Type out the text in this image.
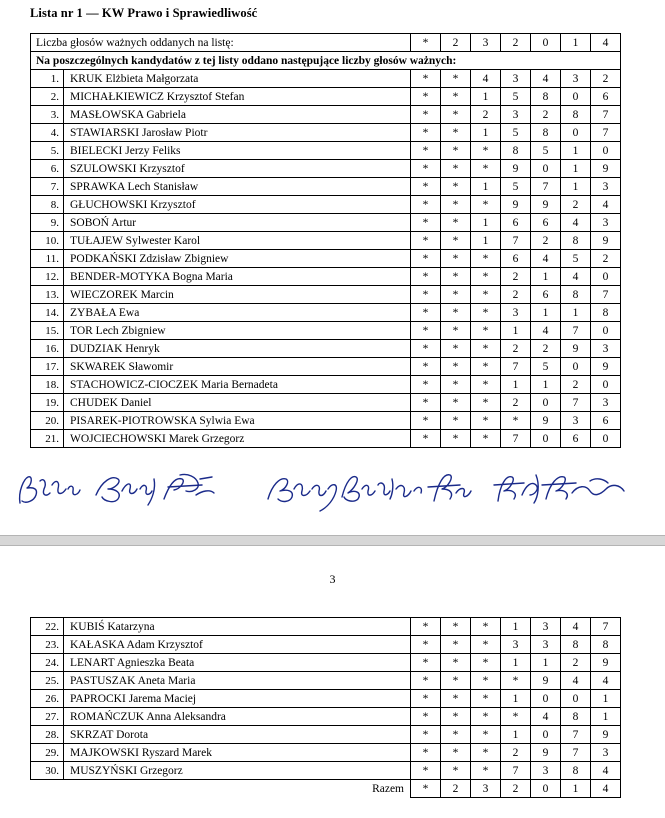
Lista nr 1 — KW Prawo i Sprawiedliwość
Liczba głosów ważnych oddanych na listę:		*	2	3	2	0	1	4
Na poszczególnych kandydatów z tej listy oddano następujące liczby głosów ważnych:								
1.	KRUK Elżbieta Małgorzata	*	*	4	3	4	3	2
2.	MICHAŁKIEWICZ Krzysztof Stefan	*	*	1	5	8	0	6
3.	MASŁOWSKA Gabriela	*	*	2	3	2	8	7
4.	STAWIARSKI Jarosław Piotr	*	*	1	5	8	0	7
5.	BIELECKI Jerzy Feliks	*	*	*	8	5	1	0
6.	SZULOWSKI Krzysztof	*	*	*	9	0	1	9
7.	SPRAWKA Lech Stanisław	*	*	1	5	7	1	3
8.	GŁUCHOWSKI Krzysztof	*	*	*	9	9	2	4
9.	SOBOŃ Artur	*	*	1	6	6	4	3
10.	TUŁAJEW Sylwester Karol	*	*	1	7	2	8	9
11.	PODKAŃSKI Zdzisław Zbigniew	*	*	*	6	4	5	2
12.	BENDER-MOTYKA Bogna Maria	*	*	*	2	1	4	0
13.	WIECZOREK Marcin	*	*	*	2	6	8	7
14.	ZYBAŁA Ewa	*	*	*	3	1	1	8
15.	TOR Lech Zbigniew	*	*	*	1	4	7	0
16.	DUDZIAK Henryk	*	*	*	2	2	9	3
17.	SKWAREK Sławomir	*	*	*	7	5	0	9
18.	STACHOWICZ-CIOCZEK Maria Bernadeta	*	*	*	1	1	2	0
19.	CHUDEK Daniel	*	*	*	2	0	7	3
20.	PISAREK-PIOTROWSKA Sylwia Ewa	*	*	*	*	9	3	6
21.	WOJCIECHOWSKI Marek Grzegorz	*	*	*	7	0	6	0
3
22.	KUBIŚ Katarzyna	*	*	*	1	3	4	7
23.	KAŁASKA Adam Krzysztof	*	*	*	3	3	8	8
24.	LENART Agnieszka Beata	*	*	*	1	1	2	9
25.	PASTUSZAK Aneta Maria	*	*	*	*	9	4	4
26.	PAPROCKI Jarema Maciej	*	*	*	1	0	0	1
27.	ROMAŃCZUK Anna Aleksandra	*	*	*	*	4	8	1
28.	SKRZAT Dorota	*	*	*	1	0	7	9
29.	MAJKOWSKI Ryszard Marek	*	*	*	2	9	7	3
30.	MUSZYŃSKI Grzegorz	*	*	*	7	3	8	4
	Razem	*	2	3	2	0	1	4
